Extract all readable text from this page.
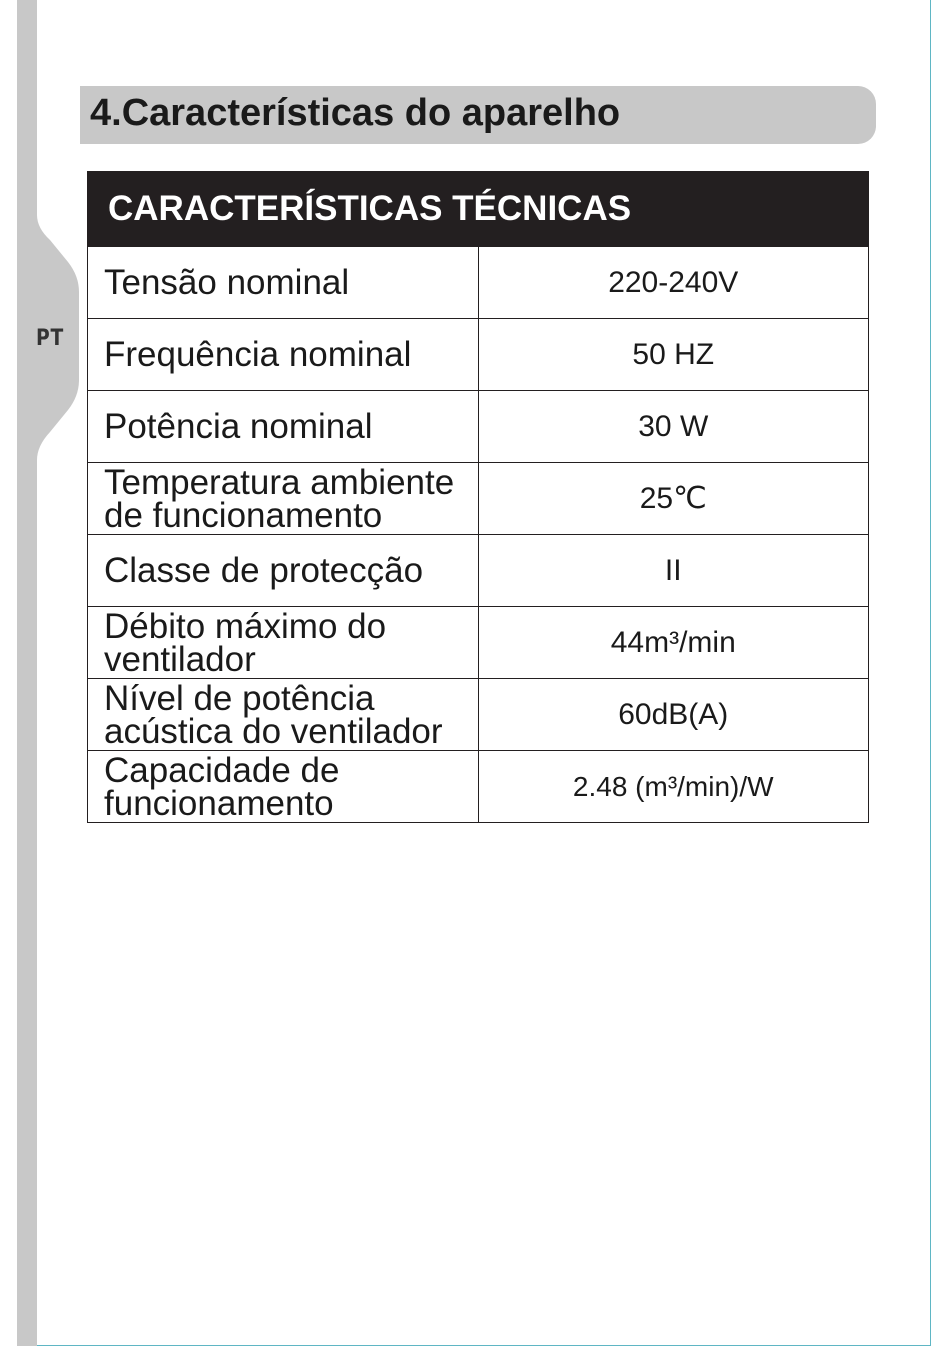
PT
4.Características do aparelho
CARACTERÍSTICAS TÉCNICAS	
Tensão nominal	220-240V
Frequência nominal	50 HZ
Potência nominal	30 W
Temperatura ambiente de funcionamento	25℃
Classe de protecção	II
Débito máximo do ventilador	44m³/min
Nível de potência acústica do ventilador	60dB(A)
Capacidade de funcionamento	2.48 (m³/min)/W
